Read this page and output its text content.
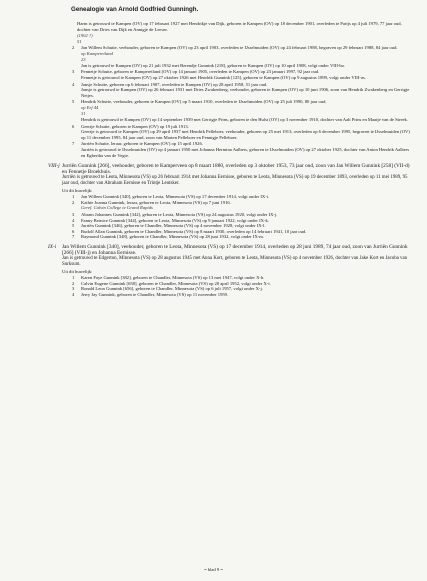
Genealogie van Arnold Godfried Gunningh.

Harm is getrouwd te Kampen (OV) op 17 februari 1927 met Hendrikje van Dijk, geboren te Kampen (OV) op 18 december 1901, overleden te Parijs op 4 juli 1979, 77 jaar oud, dochter van Dries van Dijk en Annigje de Leeuw.

(1902 ?)
51

2 Jan Willem Schutte, veehouder, geboren te Kampen (OV) op 23 april 1903, overleden te IJsselmuiden (OV) op 24 februari 1988, begraven op 29 februari 1988, 84 jaar oud.

op Kampereiland
23

Jan is getrouwd te Kampen (OV) op 21 juli 1932 met Berendje Gunnink [218], geboren te Kampen (OV) op 10 april 1908, volgt onder VIII-bo.

3 Fennetje Schutte, geboren te Kampereiland (OV) op 14 januari 1905, overleden te Kampen (OV) op 23 januari 1997, 92 jaar oud.

Fennetje is getrouwd te Kampen (OV) op 27 oktober 1926 met Hendrik Gunnink [125], geboren te Kampen (OV) op 9 augustus 1899, volgt onder VIII-as.

4 Jansje Schutte, geboren op 6 februari 1907, overleden te Kampen (OV) op 28 april 1958, 51 jaar oud.

Jansje is getrouwd te Kampen (OV) op 26 februari 1931 met Dries Zwakenberg, veehouder, geboren te Kampen (OV) op 10 juni 1906, zoon van Hendrik Zwakenberg en Gerrigje Netjes.

5 Hendrik Schutte, veehouder, geboren te Kampen (OV) op 5 maart 1910, overleden te IJsselmuiden (OV) op 25 juli 1990, 80 jaar oud.

op Erf 44
31

Hendrik is getrouwd te Kampen (OV) op 14 september 1939 met Gerrigje Prins, geboren te den Hulst (OV) op 3 november 1910, dochter van Aalt Prins en Maatje van de Streek.

6 Geertje Schutte, geboren te Kampen (OV) op 19 juli 1913.

Geertje is getrouwd te Kampen (OV) op 29 april 1937 met Hendrik Pelleboer, veehouder, geboren op 25 mei 1913, overleden op 6 december 1995, begraven te IJsselmuiden (OV) op 11 december 1995, 84 jaar oud, zoon van Marten Pelleboer en Fennigje Pelleboer.

7 Jurriën Schutte, leraar, geboren te Kampen (OV) op 15 april 1926.

Jurriën is getrouwd te IJsselmuiden (OV) op 4 januari 1950 met Johanna Hermina Aalbers, geboren te IJsselmuiden (OV) op 27 oktober 1925, dochter van Anton Hendrik Aalbers en Egbertha van de Vegte.

VIII-j Jurriën Gunnink [266], veehouder, geboren te Kamperveen op 8 maart 1880, overleden op 3 oktober 1953, 73 jaar oud, zoon van Jan Willem Gunnink [258] (VII-d) en Fennetje Broekhuis.

Jurriën is getrouwd te Leota, Minnesota (VS) op 26 februari 1914 met Johanna Eernisse, geboren te Leota, Minnesota (VS) op 19 december 1893, overleden op 11 mei 1989, 95 jaar oud, dochter van Abraham Eernisse en Trintje Leutsker.

Uit dit huwelijk:

1 Jan Willem Gunnink [340], geboren te Leota, Minnesota (VS) op 17 december 1914, volgt onder IX-i.
2 Kathie Joanna Gunnink, leraar, geboren te Leota, Minnesota (VS) op 7 juni 1916.

Geref. Calvin College te Grand Rapids

3 Abram Johannes Gunnink [342], geboren te Leota, Minnesota (VS) op 24 augustus 1920, volgt onder IX-j.
4 Fanny Bernice Gunnink [344], geboren te Leota, Minnesota (VS) op 9 januari 1922, volgt onder IX-k.
5 Jurriën Gunnink [346], geboren te Chandler, Minnesota (VS) op 4 november 1928, volgt onder IX-l.
6 Rudolf Allan Gunnink, geboren te Chandler, Minnesota (VS) op 8 maart 1930, overleden op 14 februari 1941, 10 jaar oud.
7 Raymond Gunnink [348], geboren te Chandler, Minnesota (VS) op 28 juni 1932, volgt onder IX-m.
IX-i Jan Willem Gunnink [340], veehouder, geboren te Leota, Minnesota (VS) op 17 december 1914, overleden op 28 juni 1989, 74 jaar oud, zoon van Jurriën Gunnink [266] (VIII-j) en Johanna Eernisse.

Jan is getrouwd te Edgerton, Minnesota (VS) op 28 augustus 1945 met Anna Kort, geboren te Leota, Minnesota (VS) op 4 november 1926, dochter van Jake Kort en Jacoba van Surksum.

Uit dit huwelijk:

1 Karen Faye Gunnink [382], geboren te Chandler, Minnesota (VS) op 13 mei 1947, volgt onder X-h.
2 Calvin Eugene Gunnink [658], geboren te Chandler, Minnesota (VS) op 20 april 1952, volgt onder X-i.
3 Ronald Leon Gunnink [656], geboren te Chandler, Minnesota (VS) op 6 juli 1957, volgt onder X-j.
4 Jerry Jay Gunnink, geboren te Chandler, Minnesota (VS) op 11 november 1959.
= blad 9 =
